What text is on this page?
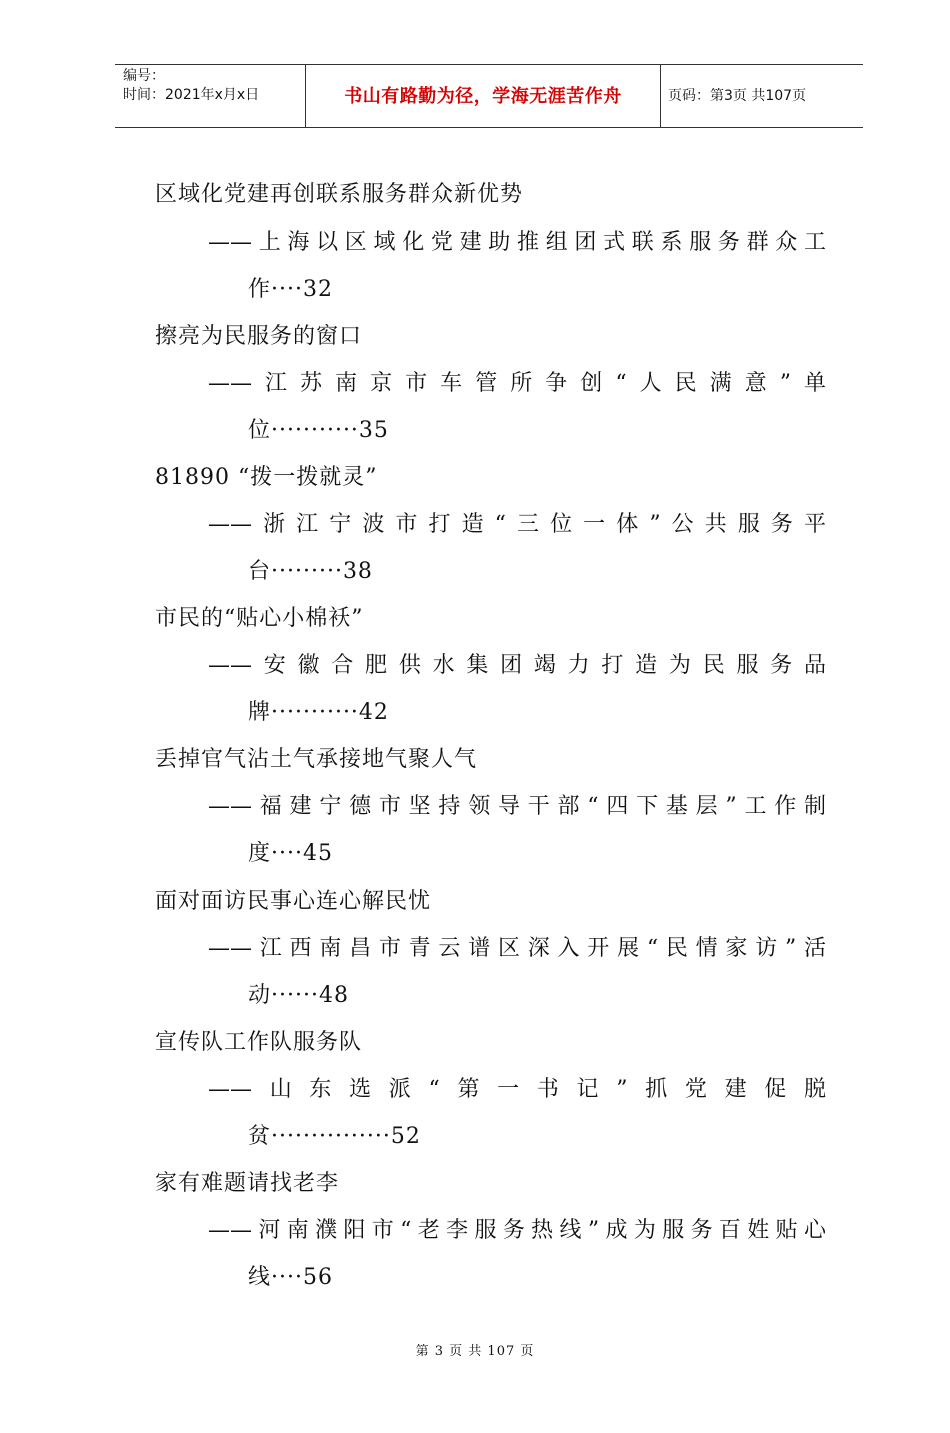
编号：
时间：2021年x月x日	书山有路勤为径，学海无涯苦作舟	页码：第3页 共107页
区域化党建再创联系服务群众新优势
——上海以区域化党建助推组团式联系服务群众工
作····32
擦亮为民服务的窗口
——江苏南京市车管所争创“人民满意”单
位···········35
81890 “拨一拨就灵”
——浙江宁波市打造“三位一体”公共服务平
台·········38
市民的“贴心小棉袄”
——安徽合肥供水集团竭力打造为民服务品
牌···········42
丢掉官气沾土气承接地气聚人气
——福建宁德市坚持领导干部“四下基层”工作制
度····45
面对面访民事心连心解民忧
——江西南昌市青云谱区深入开展“民情家访”活
动······48
宣传队工作队服务队
——山东选派“第一书记”抓党建促脱
贫···············52
家有难题请找老李
——河南濮阳市“老李服务热线”成为服务百姓贴心
线····56
第 3 页 共 107 页
